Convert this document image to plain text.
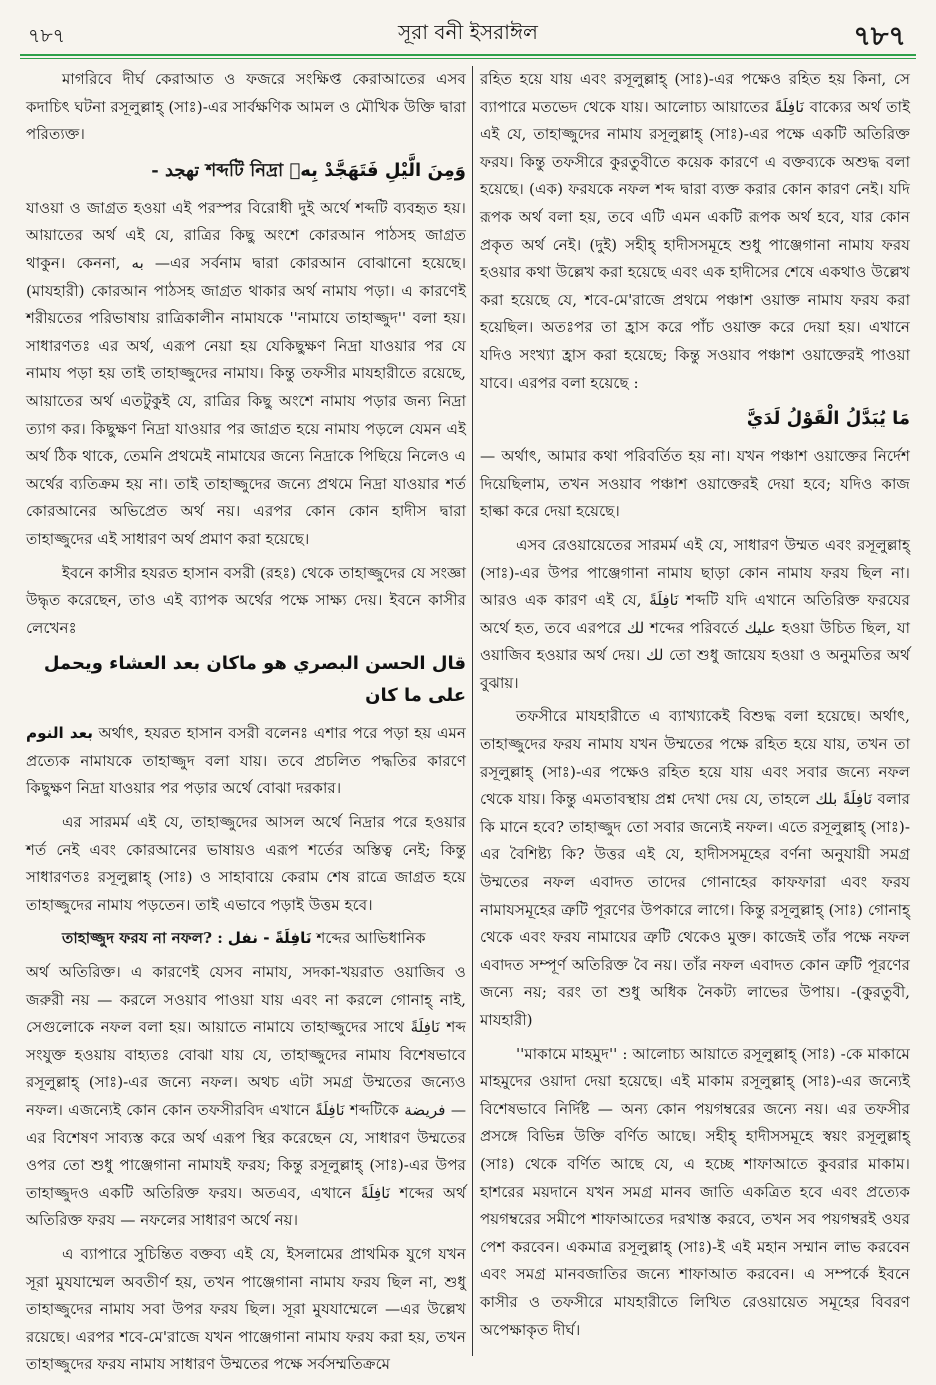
৭৮৭	সূরা বনী ইসরাঈল	৭৮৭

মাগরিবে দীর্ঘ কেরাআত ও ফজরে সংক্ষিপ্ত কেরাআতের এসব কদাচিৎ ঘটনা রসূলুল্লাহ্ (সাঃ)-এর সার্বক্ষণিক আমল ও মৌখিক উক্তি দ্বারা পরিত্যক্ত।

- تهجد শব্দটি নিদ্রা وَمِنَ الَّيْلِ فَتَهَجَّدْ بِهٖ

যাওয়া ও জাগ্রত হওয়া এই পরস্পর বিরোধী দুই অর্থে শব্দটি ব্যবহৃত হয়। আয়াতের অর্থ এই যে, রাত্রির কিছু অংশে কোরআন পাঠসহ জাগ্রত থাকুন। কেননা, به —এর সর্বনাম দ্বারা কোরআন বোঝানো হয়েছে। (মাযহারী) কোরআন পাঠসহ জাগ্রত থাকার অর্থ নামায পড়া। এ কারণেই শরীয়তের পরিভাষায় রাত্রিকালীন নামাযকে ''নামাযে তাহাজ্জুদ'' বলা হয়। সাধারণতঃ এর অর্থ, এরূপ নেয়া হয় যেকিছুক্ষণ নিদ্রা যাওয়ার পর যে নামায পড়া হয় তাই তাহাজ্জুদের নামায। কিন্তু তফসীর মাযহারীতে রয়েছে, আয়াতের অর্থ এতটুকুই যে, রাত্রির কিছু অংশে নামায পড়ার জন্য নিদ্রা ত্যাগ কর। কিছুক্ষণ নিদ্রা যাওয়ার পর জাগ্রত হয়ে নামায পড়লে যেমন এই অর্থ ঠিক থাকে, তেমনি প্রথমেই নামাযের জন্যে নিদ্রাকে পিছিয়ে নিলেও এ অর্থের ব্যতিক্রম হয় না। তাই তাহাজ্জুদের জন্যে প্রথমে নিদ্রা যাওয়ার শর্ত কোরআনের অভিপ্রেত অর্থ নয়। এরপর কোন কোন হাদীস দ্বারা তাহাজ্জুদের এই সাধারণ অর্থ প্রমাণ করা হয়েছে।

ইবনে কাসীর হযরত হাসান বসরী (রহঃ) থেকে তাহাজ্জুদের যে সংজ্ঞা উদ্ধৃত করেছেন, তাও এই ব্যাপক অর্থের পক্ষে সাক্ষ্য দেয়। ইবনে কাসীর লেখেনঃ

قال الحسن البصري هو ماكان بعد العشاء ويحمل على ما كان

بعد النوم অর্থাৎ, হযরত হাসান বসরী বলেনঃ এশার পরে পড়া হয় এমন প্রত্যেক নামাযকে তাহাজ্জুদ বলা যায়। তবে প্রচলিত পদ্ধতির কারণে কিছুক্ষণ নিদ্রা যাওয়ার পর পড়ার অর্থে বোঝা দরকার।

এর সারমর্ম এই যে, তাহাজ্জুদের আসল অর্থে নিদ্রার পরে হওয়ার শর্ত নেই এবং কোরআনের ভাষায়ও এরূপ শর্তের অস্তিত্ব নেই; কিন্তু সাধারণতঃ রসূলুল্লাহ্ (সাঃ) ও সাহাবায়ে কেরাম শেষ রাত্রে জাগ্রত হয়ে তাহাজ্জুদের নামায পড়তেন। তাই এভাবে পড়াই উত্তম হবে।

তাহাজ্জুদ ফরয না নফল? : نَافِلَةً - نفل শব্দের আভিধানিক

অর্থ অতিরিক্ত। এ কারণেই যেসব নামায, সদকা-খয়রাত ওয়াজিব ও জরুরী নয় — করলে সওয়াব পাওয়া যায় এবং না করলে গোনাহ্ নাই, সেগুলোকে নফল বলা হয়। আয়াতে নামাযে তাহাজ্জুদের সাথে نَافِلَةً শব্দ সংযুক্ত হওয়ায় বাহ্যতঃ বোঝা যায় যে, তাহাজ্জুদের নামায বিশেষভাবে রসূলুল্লাহ্ (সাঃ)-এর জন্যে নফল। অথচ এটা সমগ্র উম্মতের জন্যেও নফল। এজন্যেই কোন কোন তফসীরবিদ এখানে نَافِلَةً শব্দটিকে فريضة —এর বিশেষণ সাব্যস্ত করে অর্থ এরূপ স্থির করেছেন যে, সাধারণ উম্মতের ওপর তো শুধু পাঞ্জেগানা নামাযই ফরয; কিন্তু রসূলুল্লাহ্ (সাঃ)-এর উপর তাহাজ্জুদও একটি অতিরিক্ত ফরয। অতএব, এখানে نَافِلَةً শব্দের অর্থ অতিরিক্ত ফরয — নফলের সাধারণ অর্থে নয়।

এ ব্যাপারে সুচিন্তিত বক্তব্য এই যে, ইসলামের প্রাথমিক যুগে যখন সূরা মুযযাম্মেল অবতীর্ণ হয়, তখন পাঞ্জেগানা নামায ফরয ছিল না, শুধু তাহাজ্জুদের নামায সবা উপর ফরয ছিল। সূরা মুযযাম্মেলে —এর উল্লেখ রয়েছে। এরপর শবে-মে'রাজে যখন পাঞ্জেগানা নামায ফরয করা হয়, তখন তাহাজ্জুদের ফরয নামায সাধারণ উম্মতের পক্ষে সর্বসম্মতিক্রমে

রহিত হয়ে যায় এবং রসূলুল্লাহ্ (সাঃ)-এর পক্ষেও রহিত হয় কিনা, সে ব্যাপারে মতভেদ থেকে যায়। আলোচ্য আয়াতের نَافِلَةً বাক্যের অর্থ তাই এই যে, তাহাজ্জুদের নামায রসূলুল্লাহ্ (সাঃ)-এর পক্ষে একটি অতিরিক্ত ফরয। কিন্তু তফসীরে কুরতুবীতে কয়েক কারণে এ বক্তব্যকে অশুদ্ধ বলা হয়েছে। (এক) ফরযকে নফল শব্দ দ্বারা ব্যক্ত করার কোন কারণ নেই। যদি রূপক অর্থ বলা হয়, তবে এটি এমন একটি রূপক অর্থ হবে, যার কোন প্রকৃত অর্থ নেই। (দুই) সহীহ্ হাদীসসমূহে শুধু পাঞ্জেগানা নামায ফরয হওয়ার কথা উল্লেখ করা হয়েছে এবং এক হাদীসের শেষে একথাও উল্লেখ করা হয়েছে যে, শবে-মে'রাজে প্রথমে পঞ্চাশ ওয়াক্ত নামায ফরয করা হয়েছিল। অতঃপর তা হ্রাস করে পাঁচ ওয়াক্ত করে দেয়া হয়। এখানে যদিও সংখ্যা হ্রাস করা হয়েছে; কিন্তু সওয়াব পঞ্চাশ ওয়াক্তেরই পাওয়া যাবে। এরপর বলা হয়েছে :

مَا يُبَدَّلُ الْقَوْلُ لَدَيَّ

— অর্থাৎ, আমার কথা পরিবর্তিত হয় না। যখন পঞ্চাশ ওয়াক্তের নির্দেশ দিয়েছিলাম, তখন সওয়াব পঞ্চাশ ওয়াক্তেরই দেয়া হবে; যদিও কাজ হাল্কা করে দেয়া হয়েছে।

এসব রেওয়ায়েতের সারমর্ম এই যে, সাধারণ উম্মত এবং রসূলুল্লাহ্ (সাঃ)-এর উপর পাঞ্জেগানা নামায ছাড়া কোন নামায ফরয ছিল না। আরও এক কারণ এই যে, نَافِلَةً শব্দটি যদি এখানে অতিরিক্ত ফরযের অর্থে হত, তবে এরপরে لك শব্দের পরিবর্তে عليك হওয়া উচিত ছিল, যা ওয়াজিব হওয়ার অর্থ দেয়। لك তো শুধু জায়েয হওয়া ও অনুমতির অর্থ বুঝায়।

তফসীরে মাযহারীতে এ ব্যাখ্যাকেই বিশুদ্ধ বলা হয়েছে। অর্থাৎ, তাহাজ্জুদের ফরয নামায যখন উম্মতের পক্ষে রহিত হয়ে যায়, তখন তা রসূলুল্লাহ্ (সাঃ)-এর পক্ষেও রহিত হয়ে যায় এবং সবার জন্যে নফল থেকে যায়। কিন্তু এমতাবস্থায় প্রশ্ন দেখা দেয় যে, তাহলে نَافِلَةً بلك বলার কি মানে হবে? তাহাজ্জুদ তো সবার জন্যেই নফল। এতে রসূলুল্লাহ্ (সাঃ)-এর বৈশিষ্ট্য কি? উত্তর এই যে, হাদীসসমূহের বর্ণনা অনুযায়ী সমগ্র উম্মতের নফল এবাদত তাদের গোনাহের কাফফারা এবং ফরয নামাযসমূহের ত্রুটি পূরণের উপকারে লাগে। কিন্তু রসূলুল্লাহ্ (সাঃ) গোনাহ্ থেকে এবং ফরয নামাযের ত্রুটি থেকেও মুক্ত। কাজেই তাঁর পক্ষে নফল এবাদত সম্পূর্ণ অতিরিক্ত বৈ নয়। তাঁর নফল এবাদত কোন ত্রুটি পূরণের জন্যে নয়; বরং তা শুধু অধিক নৈকট্য লাভের উপায়। -(কুরতুবী, মাযহারী)

''মাকামে মাহমুদ'' : আলোচ্য আয়াতে রসূলুল্লাহ্ (সাঃ) -কে মাকামে মাহমুদের ওয়াদা দেয়া হয়েছে। এই মাকাম রসূলুল্লাহ্ (সাঃ)-এর জন্যেই বিশেষভাবে নির্দিষ্ট — অন্য কোন পয়গম্বরের জন্যে নয়। এর তফসীর প্রসঙ্গে বিভিন্ন উক্তি বর্ণিত আছে। সহীহ্ হাদীসসমূহে স্বয়ং রসূলুল্লাহ্ (সাঃ) থেকে বর্ণিত আছে যে, এ হচ্ছে শাফাআতে কুবরার মাকাম। হাশরের ময়দানে যখন সমগ্র মানব জাতি একত্রিত হবে এবং প্রত্যেক পয়গম্বরের সমীপে শাফাআতের দরখাস্ত করবে, তখন সব পয়গম্বরই ওযর পেশ করবেন। একমাত্র রসূলুল্লাহ্ (সাঃ)-ই এই মহান সম্মান লাভ করবেন এবং সমগ্র মানবজাতির জন্যে শাফাআত করবেন। এ সম্পর্কে ইবনে কাসীর ও তফসীরে মাযহারীতে লিখিত রেওয়ায়েত সমূহের বিবরণ অপেক্ষাকৃত দীর্ঘ।
